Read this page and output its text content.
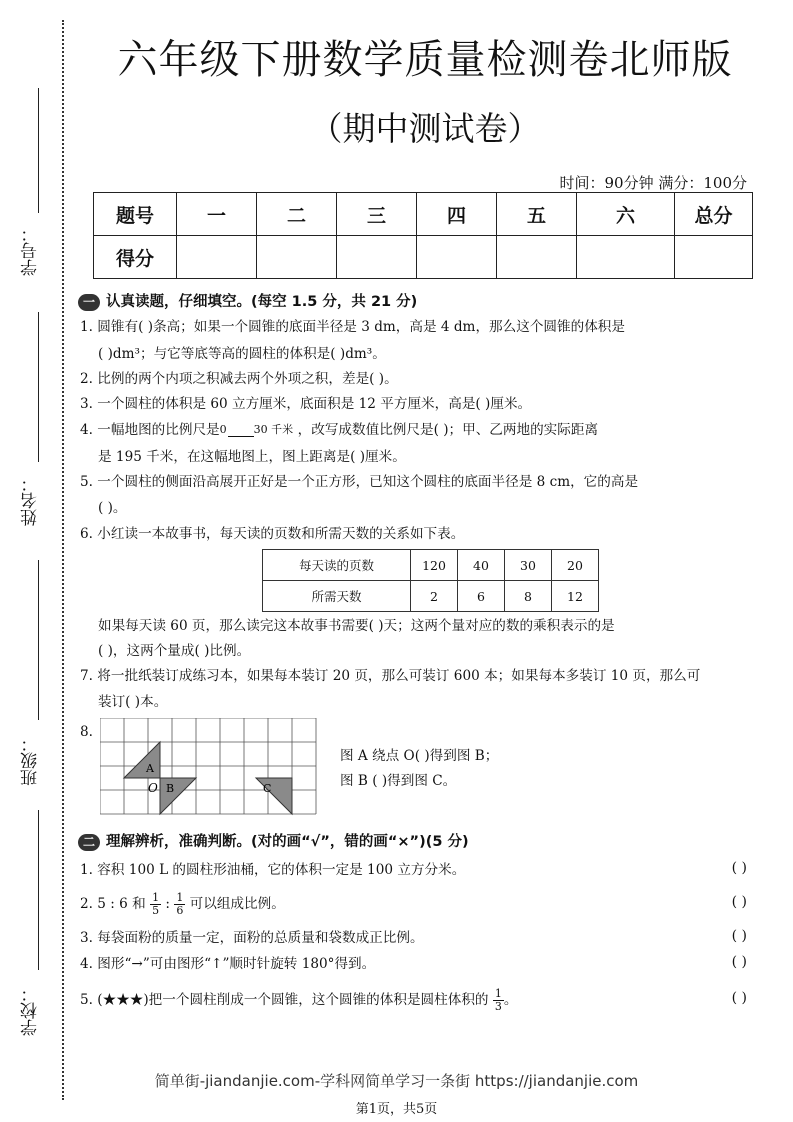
学号：
姓名：
班级：
学校：
六年级下册数学质量检测卷北师版
（期中测试卷）
时间：90分钟 满分：100分
题号	一	二	三	四	五	六	总分
得分							
一 认真读题，仔细填空。(每空 1.5 分，共 21 分)
1. 圆锥有( )条高；如果一个圆锥的底面半径是 3 dm，高是 4 dm，那么这个圆锥的体积是
( )dm³；与它等底等高的圆柱的体积是( )dm³。
2. 比例的两个内项之积减去两个外项之积，差是( )。
3. 一个圆柱的体积是 60 立方厘米，底面积是 12 平方厘米，高是( )厘米。
4. 一幅地图的比例尺是 0 30 千米 ，改写成数值比例尺是( )；甲、乙两地的实际距离
是 195 千米，在这幅地图上，图上距离是( )厘米。
5. 一个圆柱的侧面沿高展开正好是一个正方形，已知这个圆柱的底面半径是 8 cm，它的高是
( )。
6. 小红读一本故事书，每天读的页数和所需天数的关系如下表。
每天读的页数	120	40	30	20
所需天数	2	6	8	12
如果每天读 60 页，那么读完这本故事书需要( )天；这两个量对应的数的乘积表示的是
( )，这两个量成( )比例。
7. 将一批纸装订成练习本，如果每本装订 20 页，那么可装订 600 本；如果每本多装订 10 页，那么可
装订( )本。
8.
A
B	C
O
图 A 绕点 O( )得到图 B；
图 B ( )得到图 C。
二 理解辨析，准确判断。(对的画“√”，错的画“×”)(5 分)
1. 容积 100 L 的圆柱形油桶，它的体积一定是 100 立方分米。	( )
2. 5 : 6 和 $\frac{1}{5}$ : $\frac{1}{6}$ 可以组成比例。	( )
3. 每袋面粉的质量一定，面粉的总质量和袋数成正比例。	( )
4. 图形“→”可由图形“↑”顺时针旋转 180°得到。	( )
5. (★★★)把一个圆柱削成一个圆锥，这个圆锥的体积是圆柱体积的 $\frac{1}{3}$ 。	( )
简单街-jiandanjie.com-学科网简单学习一条街 https://jiandanjie.com
第1页，共5页
